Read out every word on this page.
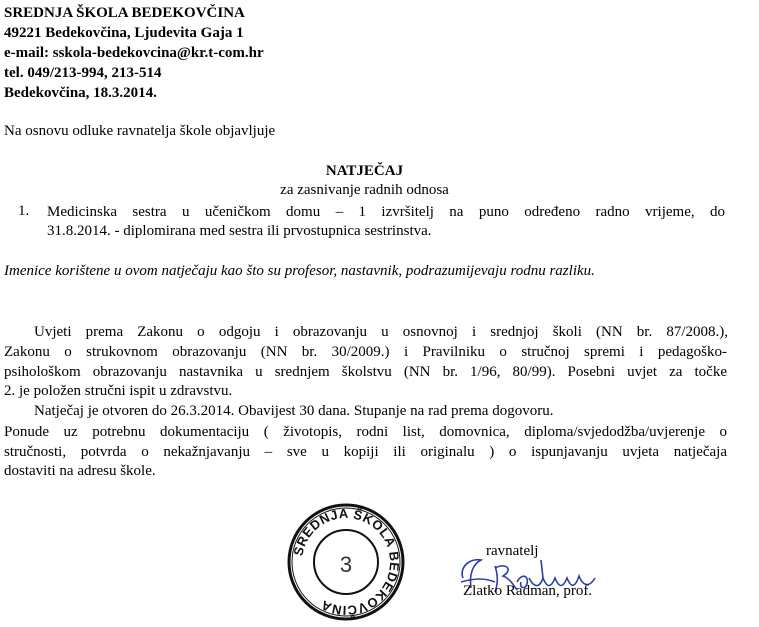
SREDNJA ŠKOLA BEDEKOVČINA
49221 Bedekovčina, Ljudevita Gaja 1
e-mail: sskola-bedekovcina@kr.t-com.hr
tel. 049/213-994, 213-514
Bedekovčina, 18.3.2014.
Na osnovu odluke ravnatelja škole objavljuje
NATJEČAJ
za zasnivanje radnih odnosa
1. Medicinska sestra u učeničkom domu – 1 izvršitelj na puno određeno radno vrijeme, do
31.8.2014. - diplomirana med sestra ili prvostupnica sestrinstva.
Imenice korištene u ovom natječaju kao što su profesor, nastavnik, podrazumijevaju rodnu razliku.
Uvjeti prema Zakonu o odgoju i obrazovanju u osnovnoj i srednjoj školi (NN br. 87/2008.),
Zakonu o strukovnom obrazovanju (NN br. 30/2009.) i Pravilniku o stručnoj spremi i pedagoško-
psihološkom obrazovanju nastavnika u srednjem školstvu (NN br. 1/96, 80/99). Posebni uvjet za točke
2. je položen stručni ispit u zdravstvu.
Natječaj je otvoren do 26.3.2014. Obavijest 30 dana. Stupanje na rad prema dogovoru.
Ponude uz potrebnu dokumentaciju ( životopis, rodni list, domovnica, diploma/svjedodžba/uvjerenje o
stručnosti, potvrda o nekažnjavanju – sve u kopiji ili originalu ) o ispunjavanju uvjeta natječaja
dostaviti na adresu škole.
SREDNJA ŠKOLA BEDEKOVČINA
3
ravnatelj
Zlatko Radman, prof.
